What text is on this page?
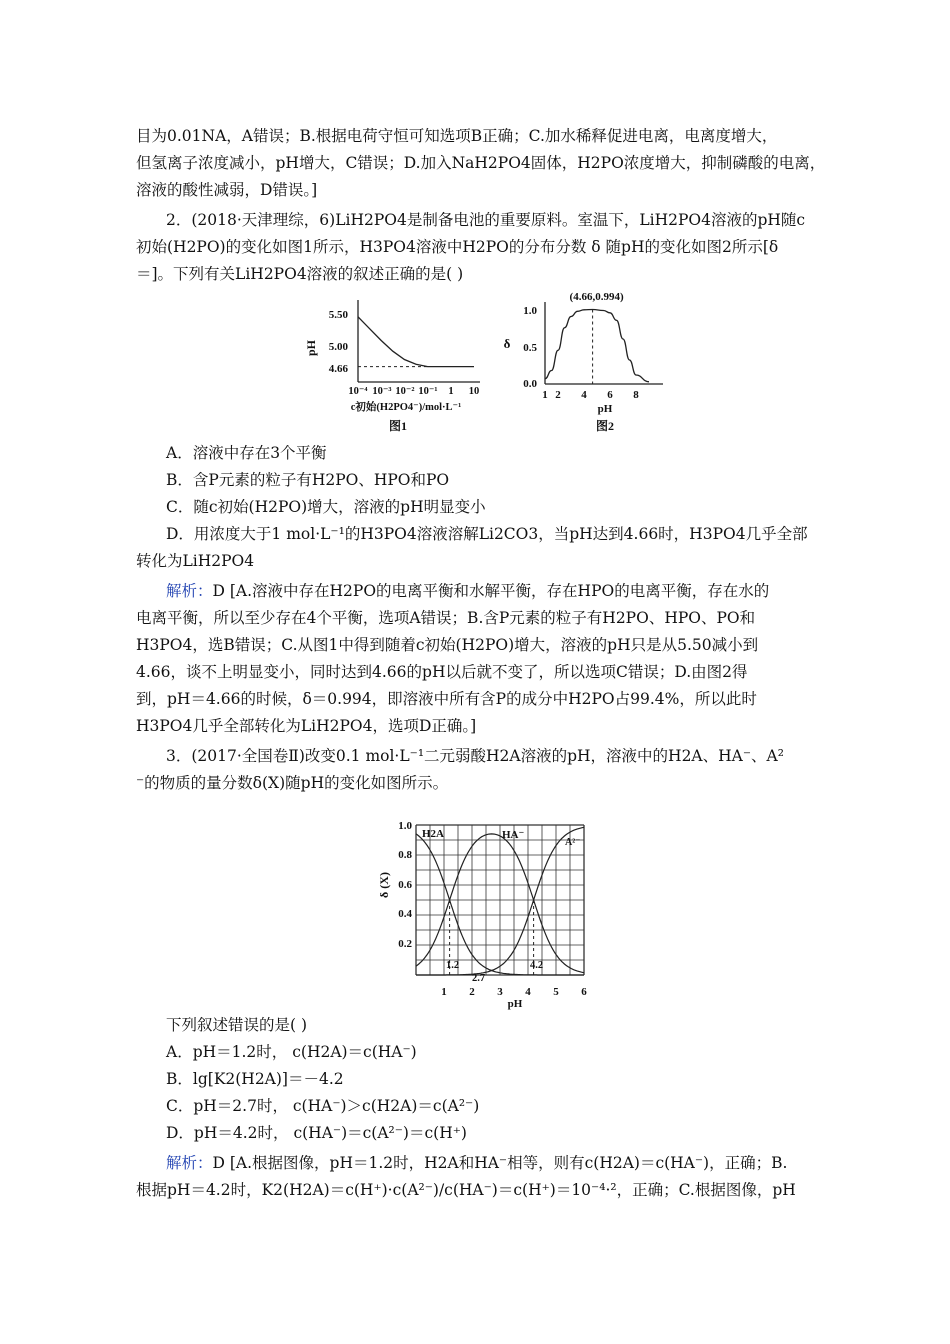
目为0.01NA，A错误；B.根据电荷守恒可知选项B正确；C.加水稀释促进电离，电离度增大，
但氢离子浓度减小，pH增大，C错误；D.加入NaH2PO4固体，H2PO浓度增大，抑制磷酸的电离，
溶液的酸性减弱，D错误。]
2．(2018·天津理综，6)LiH2PO4是制备电池的重要原料。室温下，LiH2PO4溶液的pH随c
初始(H2PO)的变化如图1所示，H3PO4溶液中H2PO的分布分数 δ 随pH的变化如图2所示[δ
＝]。下列有关LiH2PO4溶液的叙述正确的是( )
A．溶液中存在3个平衡
B．含P元素的粒子有H2PO、HPO和PO
C．随c初始(H2PO)增大，溶液的pH明显变小
D．用浓度大于1 mol·L⁻¹的H3PO4溶液溶解Li2CO3，当pH达到4.66时，H3PO4几乎全部
转化为LiH2PO4
解析：D [A.溶液中存在H2PO的电离平衡和水解平衡，存在HPO的电离平衡，存在水的
电离平衡，所以至少存在4个平衡，选项A错误；B.含P元素的粒子有H2PO、HPO、PO和
H3PO4，选B错误；C.从图1中得到随着c初始(H2PO)增大，溶液的pH只是从5.50减小到
4.66，谈不上明显变小，同时达到4.66的pH以后就不变了，所以选项C错误；D.由图2得
到，pH＝4.66的时候，δ＝0.994，即溶液中所有含P的成分中H2PO占99.4%，所以此时
H3PO4几乎全部转化为LiH2PO4，选项D正确。]
3．(2017·全国卷Ⅱ)改变0.1 mol·L⁻¹二元弱酸H2A溶液的pH，溶液中的H2A、HA⁻、A²
⁻的物质的量分数δ(X)随pH的变化如图所示。
下列叙述错误的是( )
A．pH＝1.2时， c(H2A)＝c(HA⁻)
B．lg[K2(H2A)]＝－4.2
C．pH＝2.7时， c(HA⁻)＞c(H2A)＝c(A²⁻)
D．pH＝4.2时， c(HA⁻)＝c(A²⁻)＝c(H⁺)
解析：D [A.根据图像，pH＝1.2时，H2A和HA⁻相等，则有c(H2A)＝c(HA⁻)，正确；B.
根据pH＝4.2时，K2(H2A)＝c(H⁺)·c(A²⁻)/c(HA⁻)＝c(H⁺)＝10⁻⁴·²，正确；C.根据图像，pH
pH
5.50
5.00
4.66
10⁻⁴ 10⁻³ 10⁻² 10⁻¹ 1 10
c初始(H2PO4⁻)/mol·L⁻¹
图1
δ
1.0
0.5
0.0
1 2 4 6 8
pH
图2
(4.66,0.994)
δ (X)
1.0
0.8
0.6
0.4
0.2
1 2 3 4 5 6
pH
H2A	HA⁻
A²⁻
1.2
2.7
4.2
